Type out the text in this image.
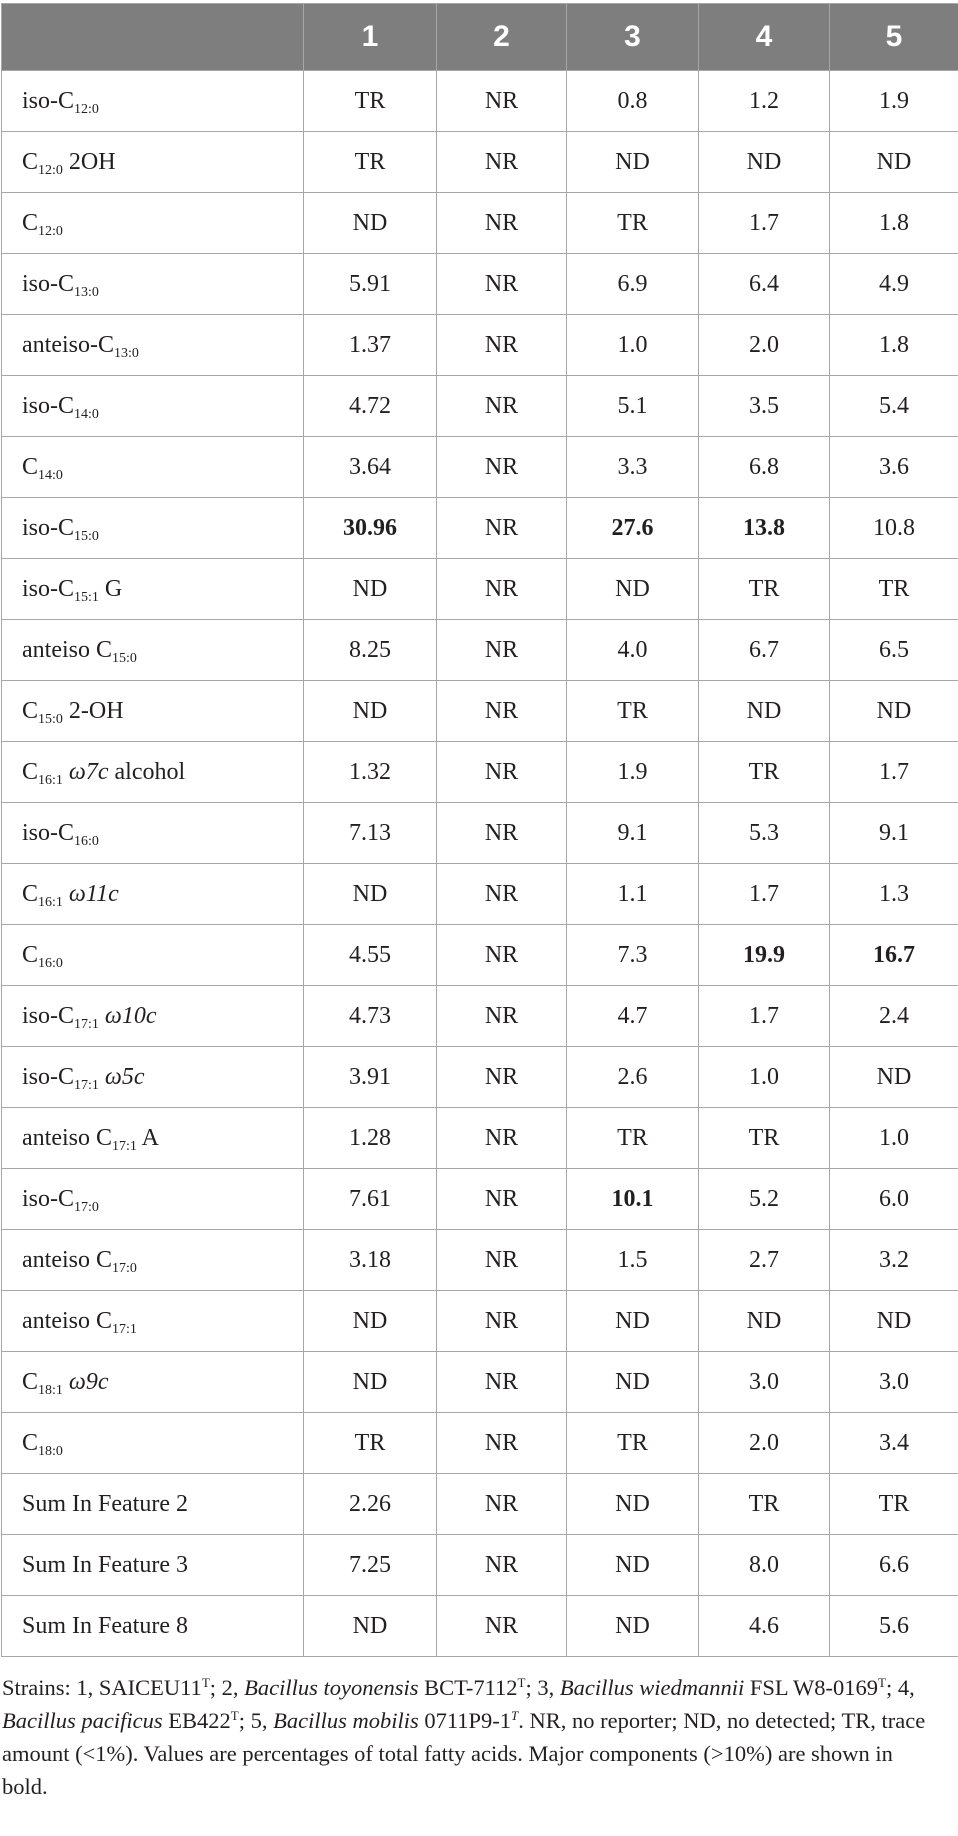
	1	2	3	4	5
iso-$C_{12:0}$	TR	NR	0.8	1.2	1.9
$C_{12:0}$ 2OH	TR	NR	ND	ND	ND
$C_{12:0}$	ND	NR	TR	1.7	1.8
iso-$C_{13:0}$	5.91	NR	6.9	6.4	4.9
anteiso-$C_{13:0}$	1.37	NR	1.0	2.0	1.8
iso-$C_{14:0}$	4.72	NR	5.1	3.5	5.4
$C_{14:0}$	3.64	NR	3.3	6.8	3.6
iso-$C_{15:0}$	30.96	NR	27.6	13.8	10.8
iso-$C_{15:1}$ G	ND	NR	ND	TR	TR
anteiso $C_{15:0}$	8.25	NR	4.0	6.7	6.5
$C_{15:0}$ 2-OH	ND	NR	TR	ND	ND
$C_{16:1}$ ω7c alcohol	1.32	NR	1.9	TR	1.7
iso-$C_{16:0}$	7.13	NR	9.1	5.3	9.1
$C_{16:1}$ ω11c	ND	NR	1.1	1.7	1.3
$C_{16:0}$	4.55	NR	7.3	19.9	16.7
iso-$C_{17:1}$ ω10c	4.73	NR	4.7	1.7	2.4
iso-$C_{17:1}$ ω5c	3.91	NR	2.6	1.0	ND
anteiso $C_{17:1}$ A	1.28	NR	TR	TR	1.0
iso-$C_{17:0}$	7.61	NR	10.1	5.2	6.0
anteiso $C_{17:0}$	3.18	NR	1.5	2.7	3.2
anteiso $C_{17:1}$	ND	NR	ND	ND	ND
$C_{18:1}$ ω9c	ND	NR	ND	3.0	3.0
$C_{18:0}$	TR	NR	TR	2.0	3.4
Sum In Feature 2	2.26	NR	ND	TR	TR
Sum In Feature 3	7.25	NR	ND	8.0	6.6
Sum In Feature 8	ND	NR	ND	4.6	5.6

Strains: 1, $SAICEU11^T$; 2, Bacillus toyonensis BCT-$7112^T$; 3, Bacillus wiedmannii FSL $W8-0169^T$; 4, Bacillus pacificus $EB422^T$; 5, Bacillus mobilis $0711P9-1^T$. NR, no reporter; ND, no detected; TR, trace amount (<1%). Values are percentages of total fatty acids. Major components (>10%) are shown in bold.
